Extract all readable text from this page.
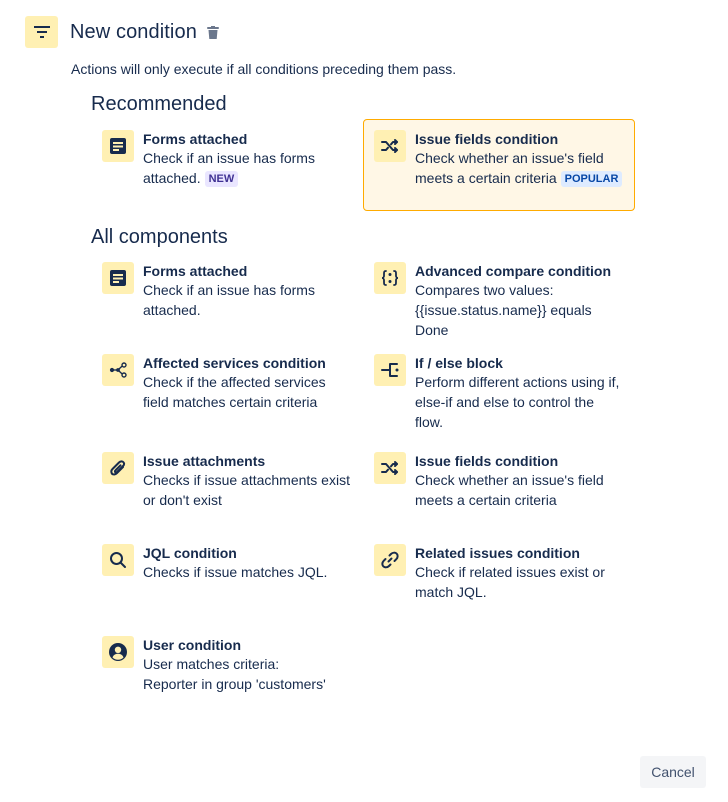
New condition
Actions will only execute if all conditions preceding them pass.
Recommended
Forms attached
Check if an issue has forms attached. NEW
Issue fields condition
Check whether an issue's field meets a certain criteria POPULAR
All components
Forms attached
Check if an issue has forms attached.
Advanced compare condition
Compares two values:
{{issue.status.name}} equals Done
Affected services condition
Check if the affected services field matches certain criteria
If / else block
Perform different actions using if, else-if and else to control the flow.
Issue attachments
Checks if issue attachments exist or don't exist
Issue fields condition
Check whether an issue's field meets a certain criteria
JQL condition
Checks if issue matches JQL.
Related issues condition
Check if related issues exist or match JQL.
User condition
User matches criteria:
Reporter in group 'customers'
Cancel
